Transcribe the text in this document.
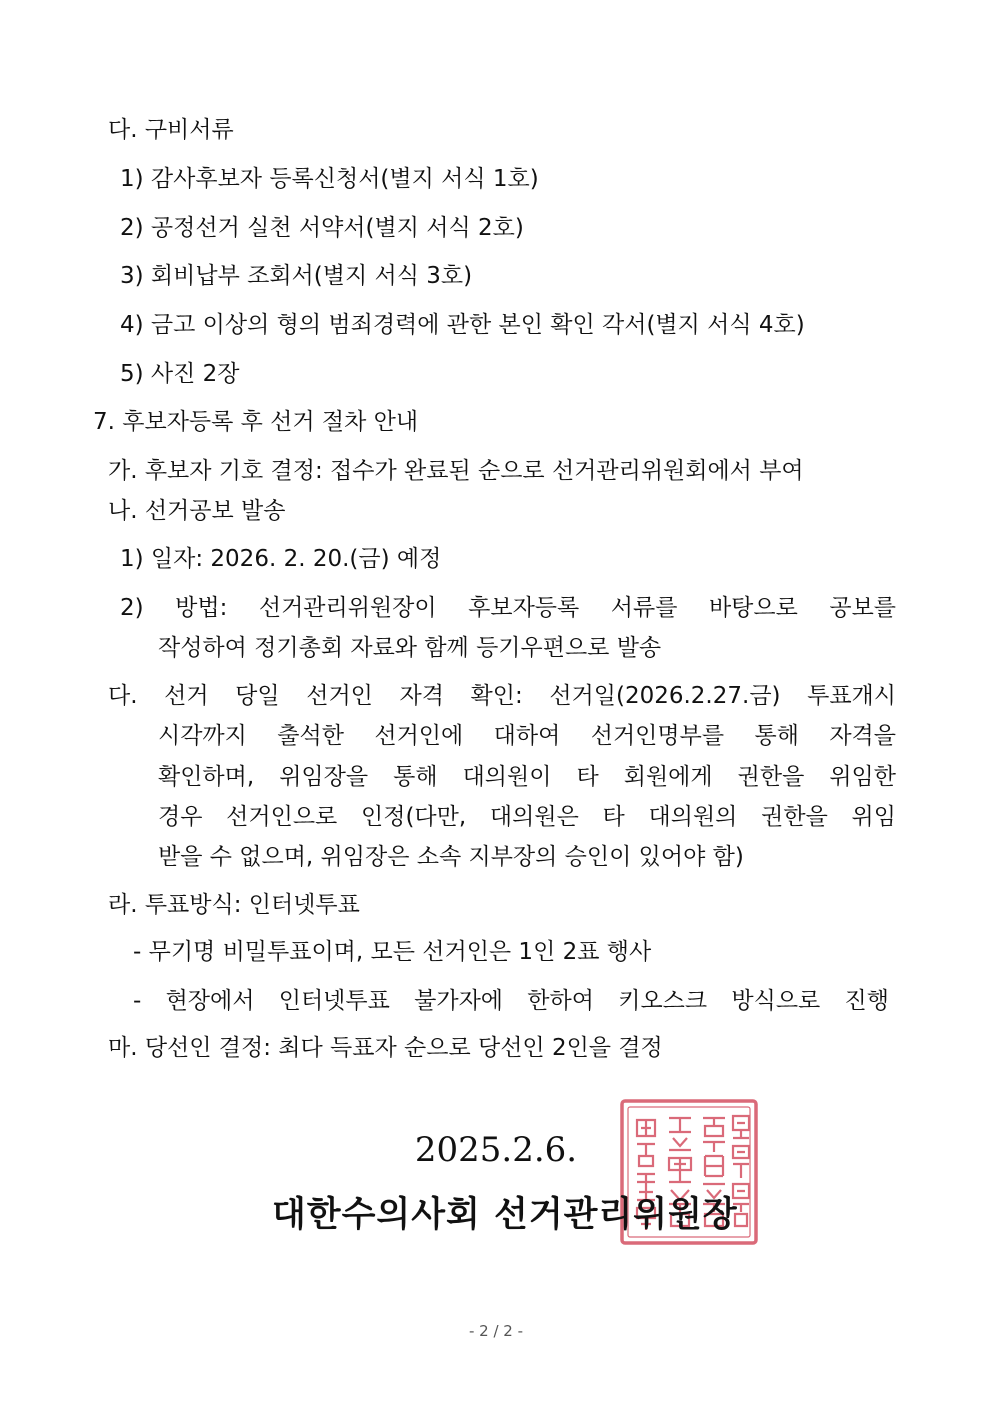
다. 구비서류
1) 감사후보자 등록신청서(별지 서식 1호)
2) 공정선거 실천 서약서(별지 서식 2호)
3) 회비납부 조회서(별지 서식 3호)
4) 금고 이상의 형의 범죄경력에 관한 본인 확인 각서(별지 서식 4호)
5) 사진 2장
7. 후보자등록 후 선거 절차 안내
가. 후보자 기호 결정: 접수가 완료된 순으로 선거관리위원회에서 부여
나. 선거공보 발송
1) 일자: 2026. 2. 20.(금) 예정
2) 방법: 선거관리위원장이 후보자등록 서류를 바탕으로 공보를
작성하여 정기총회 자료와 함께 등기우편으로 발송
다. 선거 당일 선거인 자격 확인: 선거일(2026.2.27.금) 투표개시
시각까지 출석한 선거인에 대하여 선거인명부를 통해 자격을
확인하며, 위임장을 통해 대의원이 타 회원에게 권한을 위임한
경우 선거인으로 인정(다만, 대의원은 타 대의원의 권한을 위임
받을 수 없으며, 위임장은 소속 지부장의 승인이 있어야 함)
라. 투표방식: 인터넷투표
- 무기명 비밀투표이며, 모든 선거인은 1인 2표 행사
- 현장에서 인터넷투표 불가자에 한하여 키오스크 방식으로 진행
마. 당선인 결정: 최다 득표자 순으로 당선인 2인을 결정
2025.2.6.
대한수의사회 선거관리위원장
- 2 / 2 -
